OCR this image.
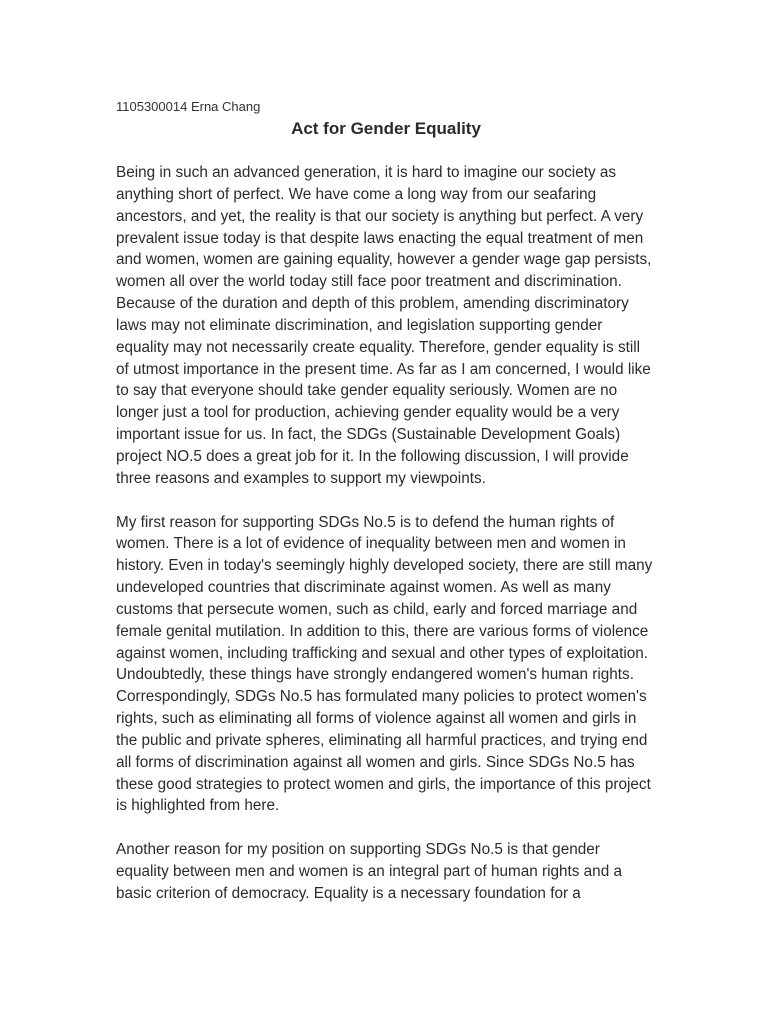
1105300014 Erna Chang

Act for Gender Equality

Being in such an advanced generation, it is hard to imagine our society as anything short of perfect. We have come a long way from our seafaring ancestors, and yet, the reality is that our society is anything but perfect. A very prevalent issue today is that despite laws enacting the equal treatment of men and women, women are gaining equality, however a gender wage gap persists, women all over the world today still face poor treatment and discrimination. Because of the duration and depth of this problem, amending discriminatory laws may not eliminate discrimination, and legislation supporting gender equality may not necessarily create equality. Therefore, gender equality is still of utmost importance in the present time. As far as I am concerned, I would like to say that everyone should take gender equality seriously. Women are no longer just a tool for production, achieving gender equality would be a very important issue for us. In fact, the SDGs (Sustainable Development Goals) project NO.5 does a great job for it. In the following discussion, I will provide three reasons and examples to support my viewpoints.

My first reason for supporting SDGs No.5 is to defend the human rights of women. There is a lot of evidence of inequality between men and women in history. Even in today's seemingly highly developed society, there are still many undeveloped countries that discriminate against women. As well as many customs that persecute women, such as child, early and forced marriage and female genital mutilation. In addition to this, there are various forms of violence against women, including trafficking and sexual and other types of exploitation. Undoubtedly, these things have strongly endangered women's human rights. Correspondingly, SDGs No.5 has formulated many policies to protect women's rights, such as eliminating all forms of violence against all women and girls in the public and private spheres, eliminating all harmful practices, and trying end all forms of discrimination against all women and girls. Since SDGs No.5 has these good strategies to protect women and girls, the importance of this project is highlighted from here.

Another reason for my position on supporting SDGs No.5 is that gender equality between men and women is an integral part of human rights and a basic criterion of democracy. Equality is a necessary foundation for a
